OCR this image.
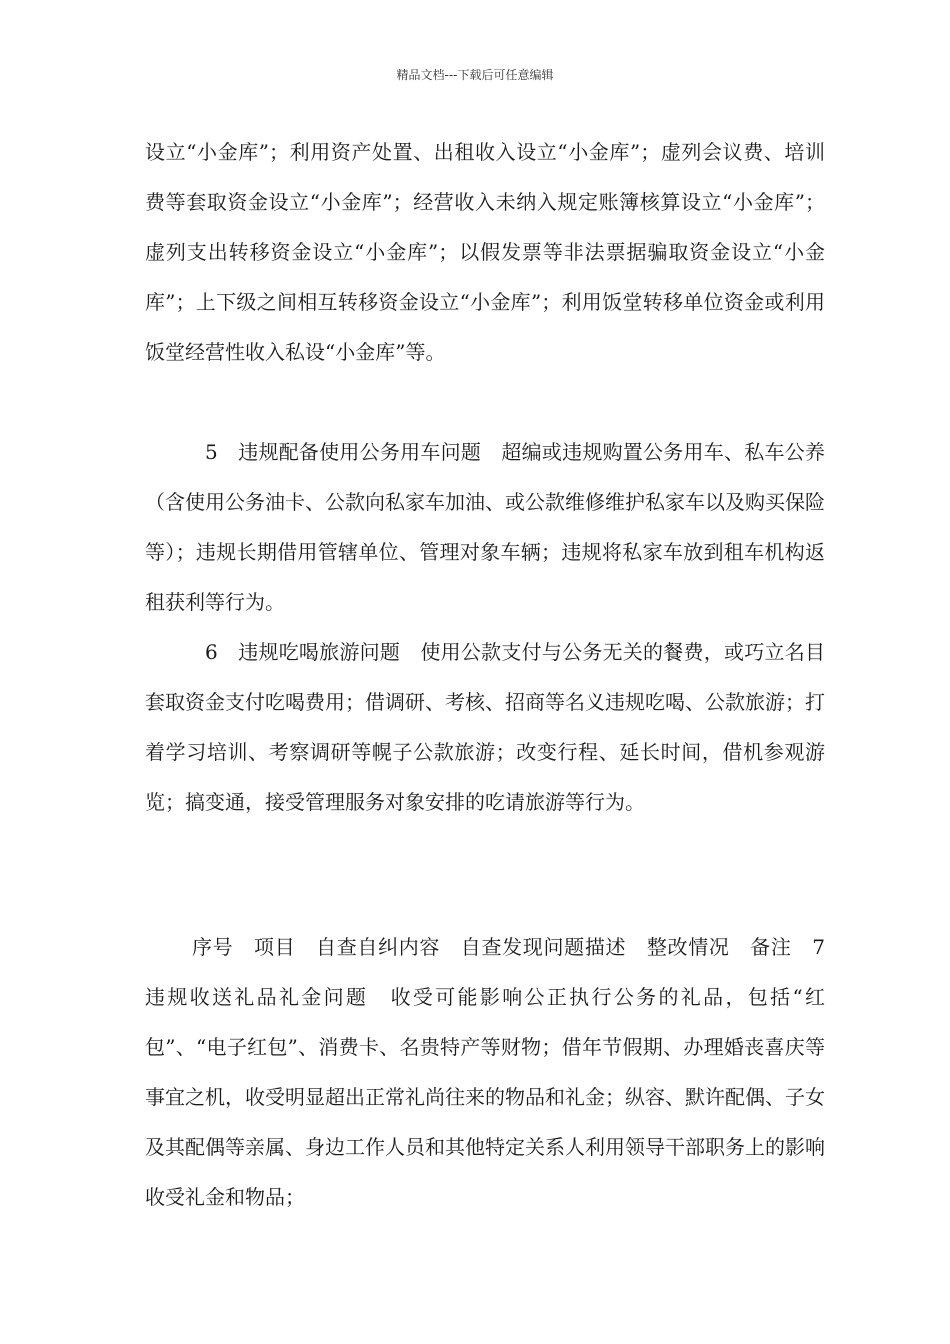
精品文档---下载后可任意编辑

设立“小金库”；利用资产处置、出租收入设立“小金库”；虚列会议费、培训费等套取资金设立“小金库”；经营收入未纳入规定账簿核算设立“小金库”；虚列支出转移资金设立“小金库”；以假发票等非法票据骗取资金设立“小金库”；上下级之间相互转移资金设立“小金库”；利用饭堂转移单位资金或利用饭堂经营性收入私设“小金库”等。

5　违规配备使用公务用车问题　超编或违规购置公务用车、私车公养（含使用公务油卡、公款向私家车加油、或公款维修维护私家车以及购买保险等）；违规长期借用管辖单位、管理对象车辆；违规将私家车放到租车机构返租获利等行为。

6　违规吃喝旅游问题　使用公款支付与公务无关的餐费，或巧立名目套取资金支付吃喝费用；借调研、考核、招商等名义违规吃喝、公款旅游；打着学习培训、考察调研等幌子公款旅游；改变行程、延长时间，借机参观游览；搞变通，接受管理服务对象安排的吃请旅游等行为。

序号　项目　自查自纠内容　自查发现问题描述　整改情况　备注　7　违规收送礼品礼金问题　收受可能影响公正执行公务的礼品，包括“红包”、“电子红包”、消费卡、名贵特产等财物；借年节假期、办理婚丧喜庆等事宜之机，收受明显超出正常礼尚往来的物品和礼金；纵容、默许配偶、子女及其配偶等亲属、身边工作人员和其他特定关系人利用领导干部职务上的影响收受礼金和物品；
